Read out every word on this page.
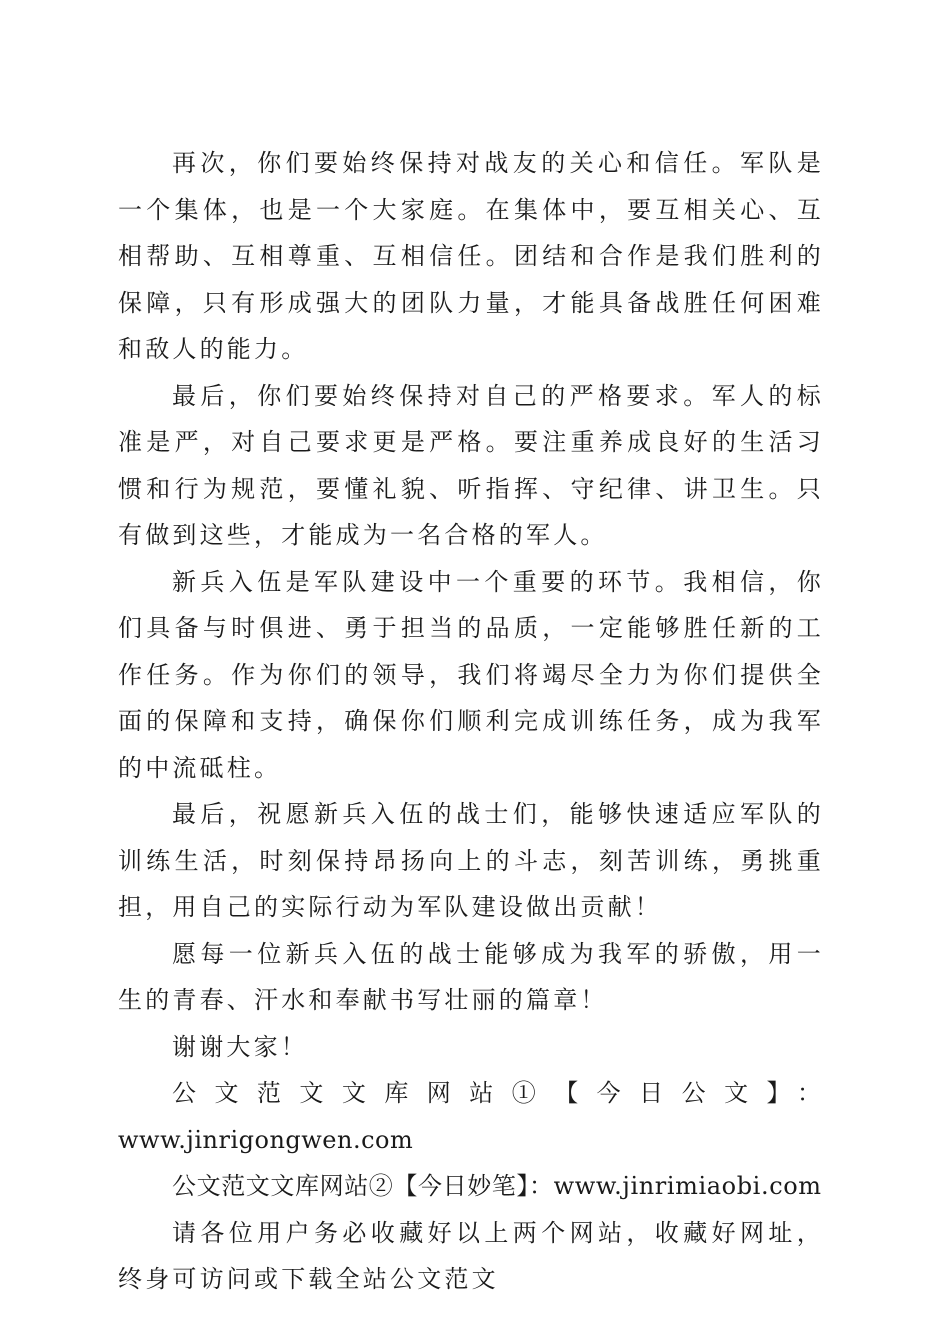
再次，你们要始终保持对战友的关心和信任。军队是一个集体，也是一个大家庭。在集体中，要互相关心、互相帮助、互相尊重、互相信任。团结和合作是我们胜利的保障，只有形成强大的团队力量，才能具备战胜任何困难和敌人的能力。

最后，你们要始终保持对自己的严格要求。军人的标准是严，对自己要求更是严格。要注重养成良好的生活习惯和行为规范，要懂礼貌、听指挥、守纪律、讲卫生。只有做到这些，才能成为一名合格的军人。

新兵入伍是军队建设中一个重要的环节。我相信，你们具备与时俱进、勇于担当的品质，一定能够胜任新的工作任务。作为你们的领导，我们将竭尽全力为你们提供全面的保障和支持，确保你们顺利完成训练任务，成为我军的中流砥柱。

最后，祝愿新兵入伍的战士们，能够快速适应军队的训练生活，时刻保持昂扬向上的斗志，刻苦训练，勇挑重担，用自己的实际行动为军队建设做出贡献！

愿每一位新兵入伍的战士能够成为我军的骄傲，用一生的青春、汗水和奉献书写壮丽的篇章！

谢谢大家！

公文范文文库网站①【今日公文】：

www.jinrigongwen.com

公文范文文库网站②【今日妙笔】：www.jinrimiaobi.com

请各位用户务必收藏好以上两个网站，收藏好网址，终身可访问或下载全站公文范文
